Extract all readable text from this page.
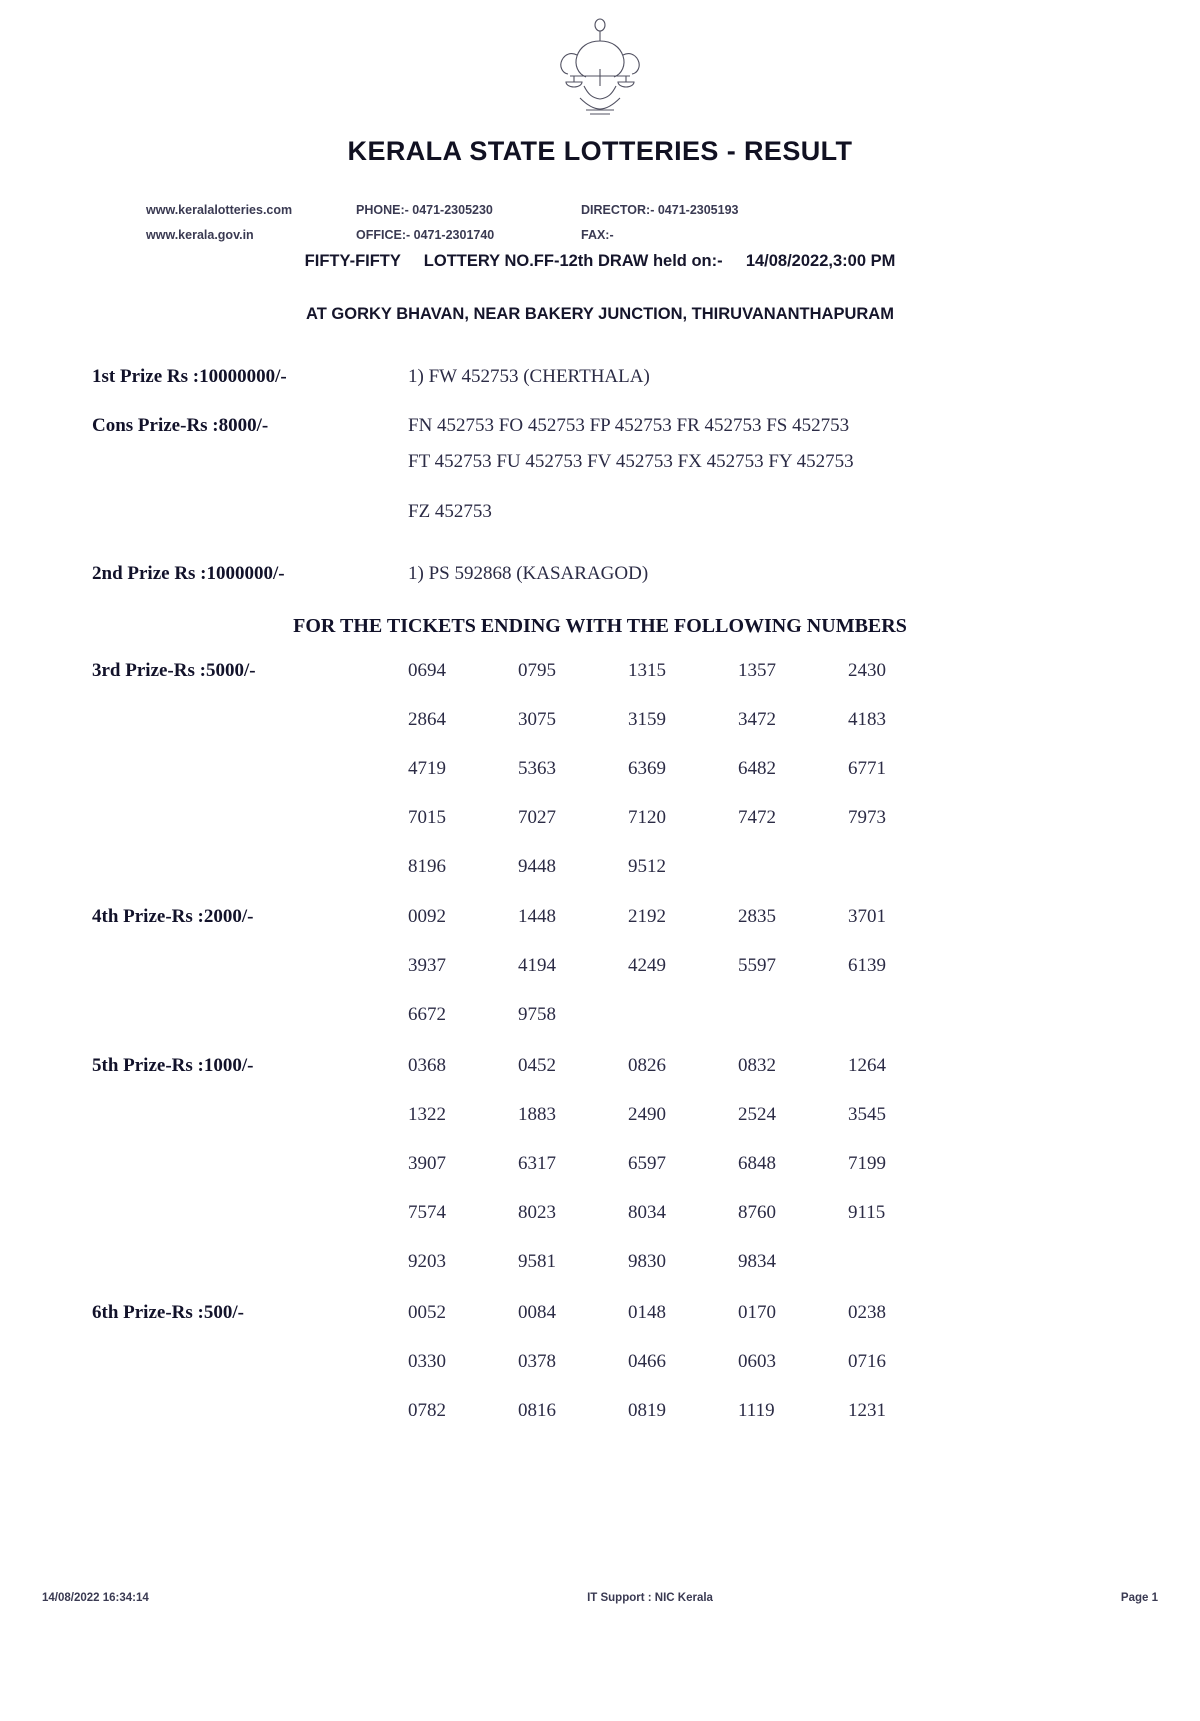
KERALA STATE LOTTERIES - RESULT
www.keralalotteries.com	PHONE:- 0471-2305230	DIRECTOR:- 0471-2305193
www.kerala.gov.in	OFFICE:- 0471-2301740	FAX:-
FIFTY-FIFTY LOTTERY NO.FF-12th DRAW held on:- 14/08/2022,3:00 PM
AT GORKY BHAVAN, NEAR BAKERY JUNCTION, THIRUVANANTHAPURAM
1st Prize Rs :10000000/-	1) FW 452753 (CHERTHALA)
Cons Prize-Rs :8000/-	FN 452753 FO 452753 FP 452753 FR 452753 FS 452753
FT 452753 FU 452753 FV 452753 FX 452753 FY 452753
FZ 452753
2nd Prize Rs :1000000/-	1) PS 592868 (KASARAGOD)
FOR THE TICKETS ENDING WITH THE FOLLOWING NUMBERS
3rd Prize-Rs :5000/-	0694	0795	1315	1357	2430
2864	3075	3159	3472	4183
4719	5363	6369	6482	6771
7015	7027	7120	7472	7973
8196	9448	9512
4th Prize-Rs :2000/-	0092	1448	2192	2835	3701
3937	4194	4249	5597	6139
6672	9758
5th Prize-Rs :1000/-	0368	0452	0826	0832	1264
1322	1883	2490	2524	3545
3907	6317	6597	6848	7199
7574	8023	8034	8760	9115
9203	9581	9830	9834
6th Prize-Rs :500/-	0052	0084	0148	0170	0238
0330	0378	0466	0603	0716
0782	0816	0819	1119	1231
14/08/2022 16:34:14	IT Support : NIC Kerala	Page 1
